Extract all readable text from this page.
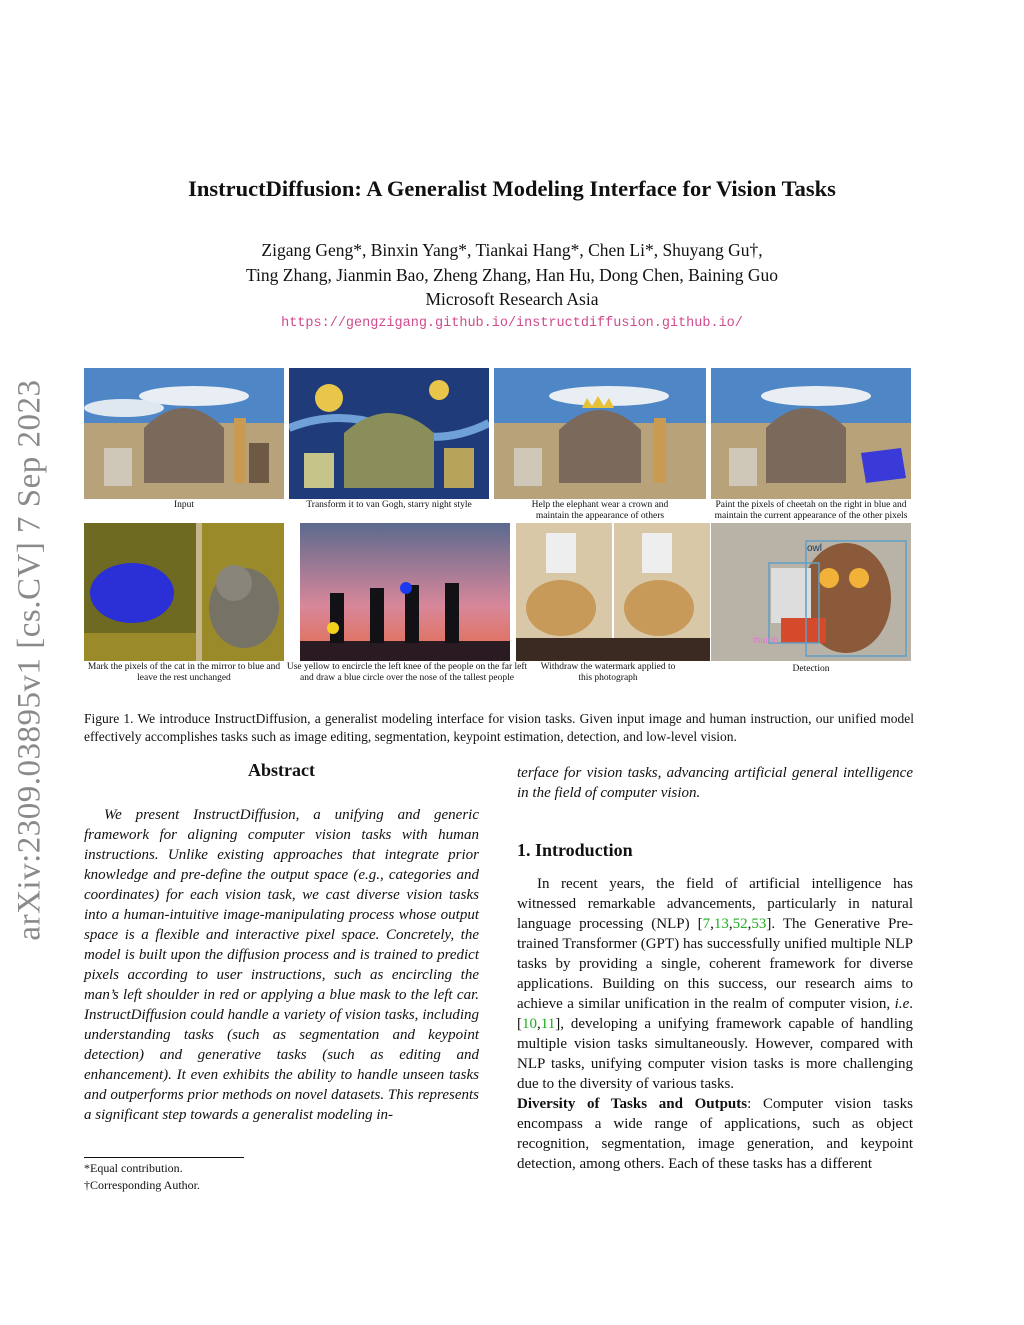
arXiv:2309.03895v1 [cs.CV] 7 Sep 2023
InstructDiffusion: A Generalist Modeling Interface for Vision Tasks
Zigang Geng*, Binxin Yang*, Tiankai Hang*, Chen Li*, Shuyang Gu†,
Ting Zhang, Jianmin Bao, Zheng Zhang, Han Hu, Dong Chen, Baining Guo
Microsoft Research Asia
https://gengzigang.github.io/instructdiffusion.github.io/
Input	Transform it to van Gogh, starry night style	Help the elephant wear a crown and maintain the appearance of others
Paint the pixels of cheetah on the right in blue and maintain the current appearance of the other pixels
owl
thumb
Mark the pixels of the cat in the mirror to blue and leave the rest unchanged
Use yellow to encircle the left knee of the people on the far left and draw a blue circle over the nose of the tallest people
Withdraw the watermark applied to this photograph
Detection
Figure 1. We introduce InstructDiffusion, a generalist modeling interface for vision tasks. Given input image and human instruction, our unified model effectively accomplishes tasks such as image editing, segmentation, keypoint estimation, detection, and low-level vision.
Abstract
We present InstructDiffusion, a unifying and generic framework for aligning computer vision tasks with human instructions. Unlike existing approaches that integrate prior knowledge and pre-define the output space (e.g., categories and coordinates) for each vision task, we cast diverse vision tasks into a human-intuitive image-manipulating process whose output space is a flexible and interactive pixel space. Concretely, the model is built upon the diffusion process and is trained to predict pixels according to user instructions, such as encircling the man’s left shoulder in red or applying a blue mask to the left car. InstructDiffusion could handle a variety of vision tasks, including understanding tasks (such as segmentation and keypoint detection) and generative tasks (such as editing and enhancement). It even exhibits the ability to handle unseen tasks and outperforms prior methods on novel datasets. This represents a significant step towards a generalist modeling in-
*Equal contribution.
†Corresponding Author.
terface for vision tasks, advancing artificial general intelligence in the field of computer vision.
1. Introduction
In recent years, the field of artificial intelligence has witnessed remarkable advancements, particularly in natural language processing (NLP) [7,13,52,53]. The Generative Pre-trained Transformer (GPT) has successfully unified multiple NLP tasks by providing a single, coherent framework for diverse applications. Building on this success, our research aims to achieve a similar unification in the realm of computer vision, i.e. [10,11], developing a unifying framework capable of handling multiple vision tasks simultaneously. However, compared with NLP tasks, unifying computer vision tasks is more challenging due to the diversity of various tasks.
Diversity of Tasks and Outputs: Computer vision tasks encompass a wide range of applications, such as object recognition, segmentation, image generation, and keypoint detection, among others. Each of these tasks has a different
